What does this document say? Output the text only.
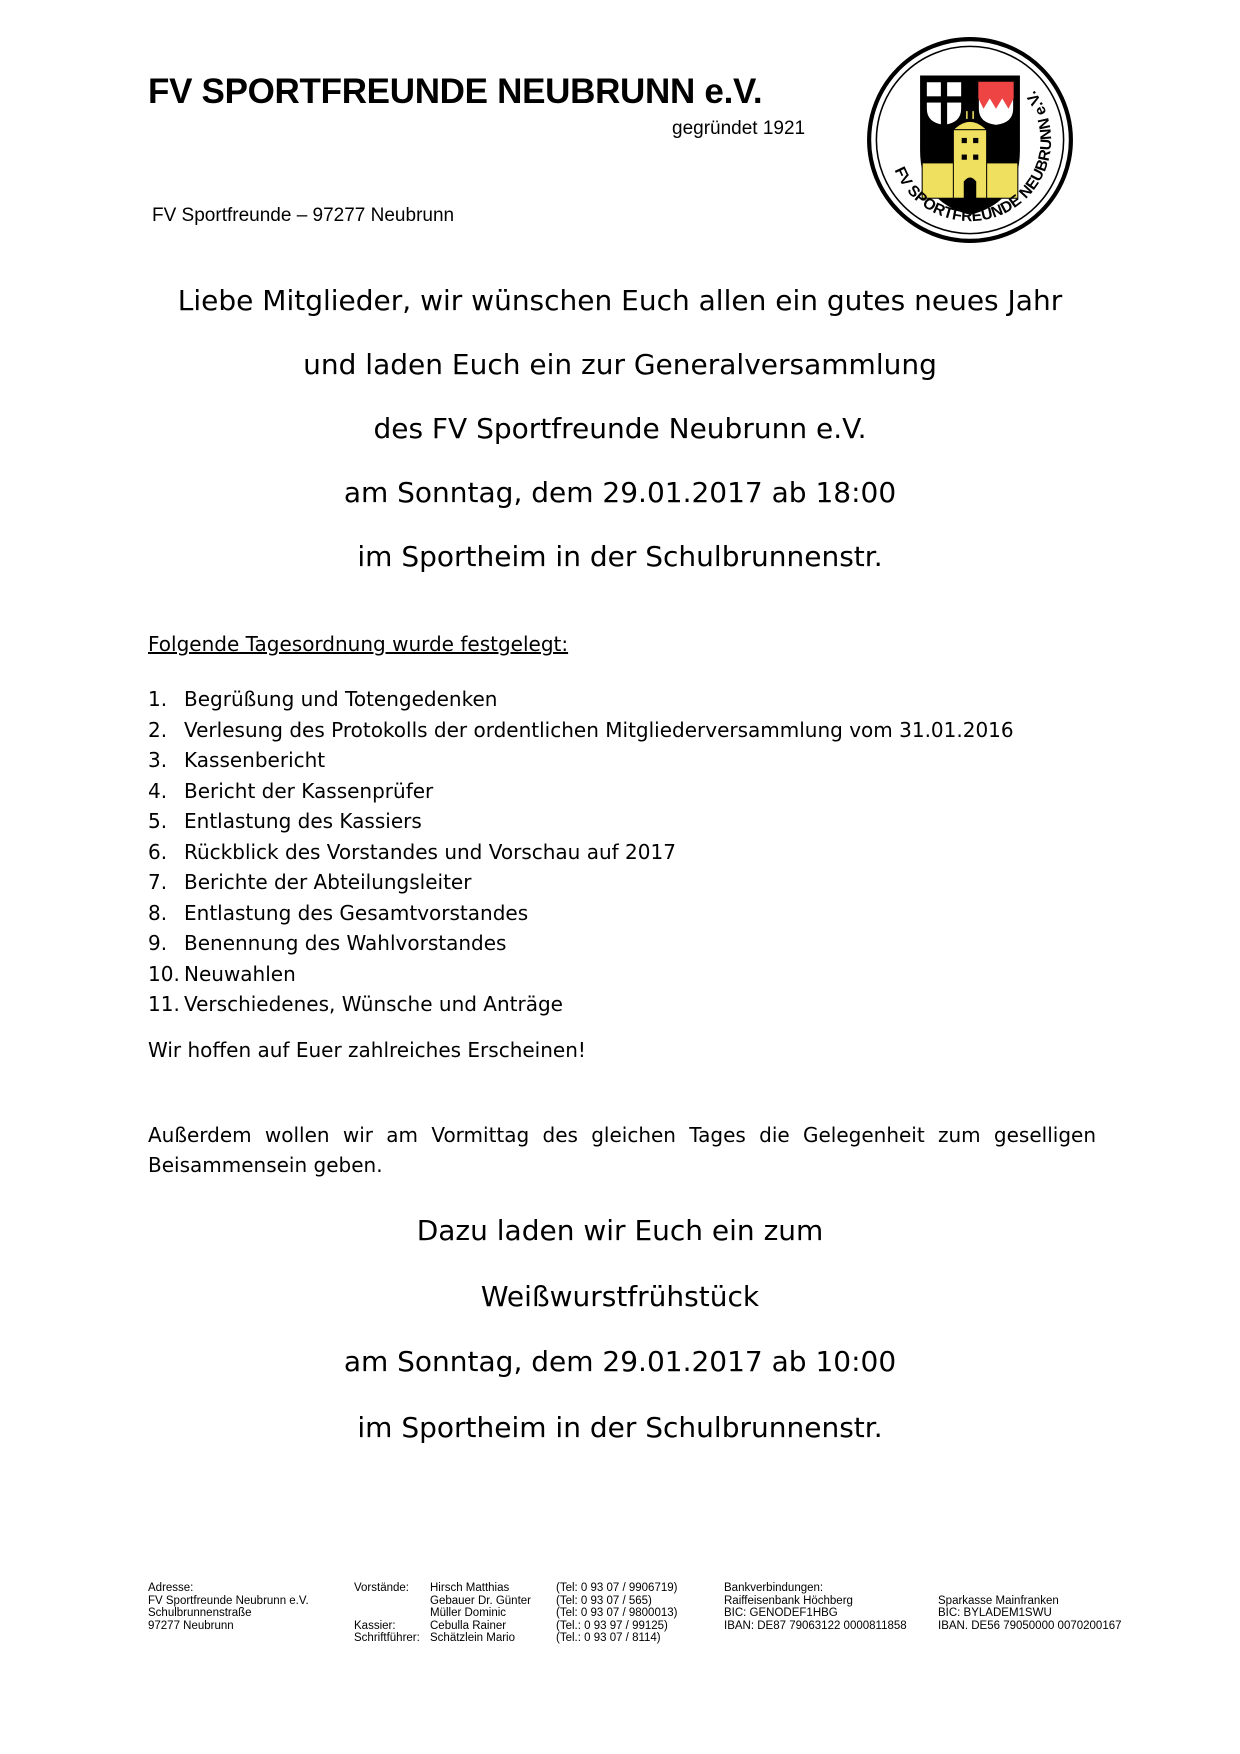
FV SPORTFREUNDE NEUBRUNN e.V.
gegründet 1921
FV Sportfreunde – 97277 Neubrunn
FV SPORTFREUNDE NEUBRUNN e.V.
Liebe Mitglieder, wir wünschen Euch allen ein gutes neues Jahr
und laden Euch ein zur Generalversammlung
des FV Sportfreunde Neubrunn e.V.
am Sonntag, dem 29.01.2017 ab 18:00
im Sportheim in der Schulbrunnenstr.
Folgende Tagesordnung wurde festgelegt:
1. Begrüßung und Totengedenken
2. Verlesung des Protokolls der ordentlichen Mitgliederversammlung vom 31.01.2016
3. Kassenbericht
4. Bericht der Kassenprüfer
5. Entlastung des Kassiers
6. Rückblick des Vorstandes und Vorschau auf 2017
7. Berichte der Abteilungsleiter
8. Entlastung des Gesamtvorstandes
9. Benennung des Wahlvorstandes
10. Neuwahlen
11. Verschiedenes, Wünsche und Anträge
Wir hoffen auf Euer zahlreiches Erscheinen!
Außerdem wollen wir am Vormittag des gleichen Tages die Gelegenheit zum geselligen Beisammensein geben.
Dazu laden wir Euch ein zum
Weißwurstfrühstück
am Sonntag, dem 29.01.2017 ab 10:00
im Sportheim in der Schulbrunnenstr.
Adresse:
FV Sportfreunde Neubrunn e.V.
Schulbrunnenstraße
97277 Neubrunn
Vorstände:
Kassier:
Schriftführer:
Hirsch Matthias
Gebauer Dr. Günter
Müller Dominic
Cebulla Rainer
Schätzlein Mario
(Tel: 0 93 07 / 9906719)
(Tel: 0 93 07 / 565)
(Tel: 0 93 07 / 9800013)
(Tel.: 0 93 97 / 99125)
(Tel.: 0 93 07 / 8114)
Bankverbindungen:
Raiffeisenbank Höchberg
BIC: GENODEF1HBG
IBAN: DE87 79063122 0000811858
Sparkasse Mainfranken
BIC: BYLADEM1SWU
IBAN. DE56 79050000 0070200167
